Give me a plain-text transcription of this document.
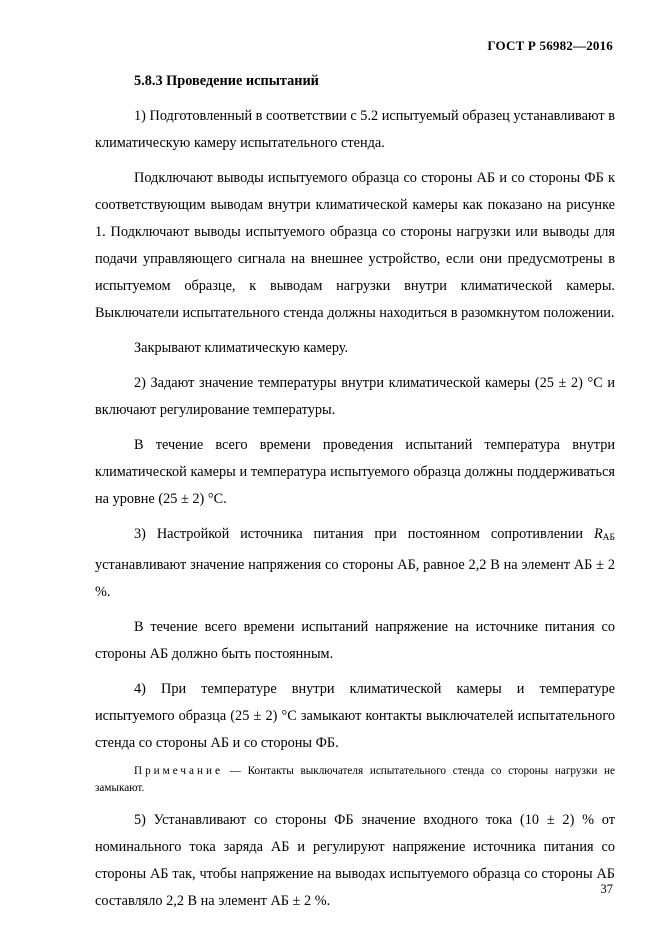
ГОСТ Р 56982—2016
5.8.3 Проведение испытаний

1) Подготовленный в соответствии с 5.2 испытуемый образец устанавливают в климатическую камеру испытательного стенда.

Подключают выводы испытуемого образца со стороны АБ и со стороны ФБ к соответствующим выводам внутри климатической камеры как показано на рисунке 1. Подключают выводы испытуемого образца со стороны нагрузки или выводы для подачи управляющего сигнала на внешнее устройство, если они предусмотрены в испытуемом образце, к выводам нагрузки внутри климатической камеры. Выключатели испытательного стенда должны находиться в разомкнутом положении.

Закрывают климатическую камеру.

2) Задают значение температуры внутри климатической камеры (25 ± 2) °С и включают регулирование температуры.

В течение всего времени проведения испытаний температура внутри климатической камеры и температура испытуемого образца должны поддерживаться на уровне (25 ± 2) °С.

3) Настройкой источника питания при постоянном сопротивлении $R_{АБ}$ устанавливают значение напряжения со стороны АБ, равное 2,2 В на элемент АБ ± 2 %.

В течение всего времени испытаний напряжение на источнике питания со стороны АБ должно быть постоянным.

4) При температуре внутри климатической камеры и температуре испытуемого образца (25 ± 2) °С замыкают контакты выключателей испытательного стенда со стороны АБ и со стороны ФБ.

Примечание — Контакты выключателя испытательного стенда со стороны нагрузки не замыкают.

5) Устанавливают со стороны ФБ значение входного тока (10 ± 2) % от номинального тока заряда АБ и регулируют напряжение источника питания со стороны АБ так, чтобы напряжение на выводах испытуемого образца со стороны АБ составляло 2,2 В на элемент АБ ± 2 %.

37
